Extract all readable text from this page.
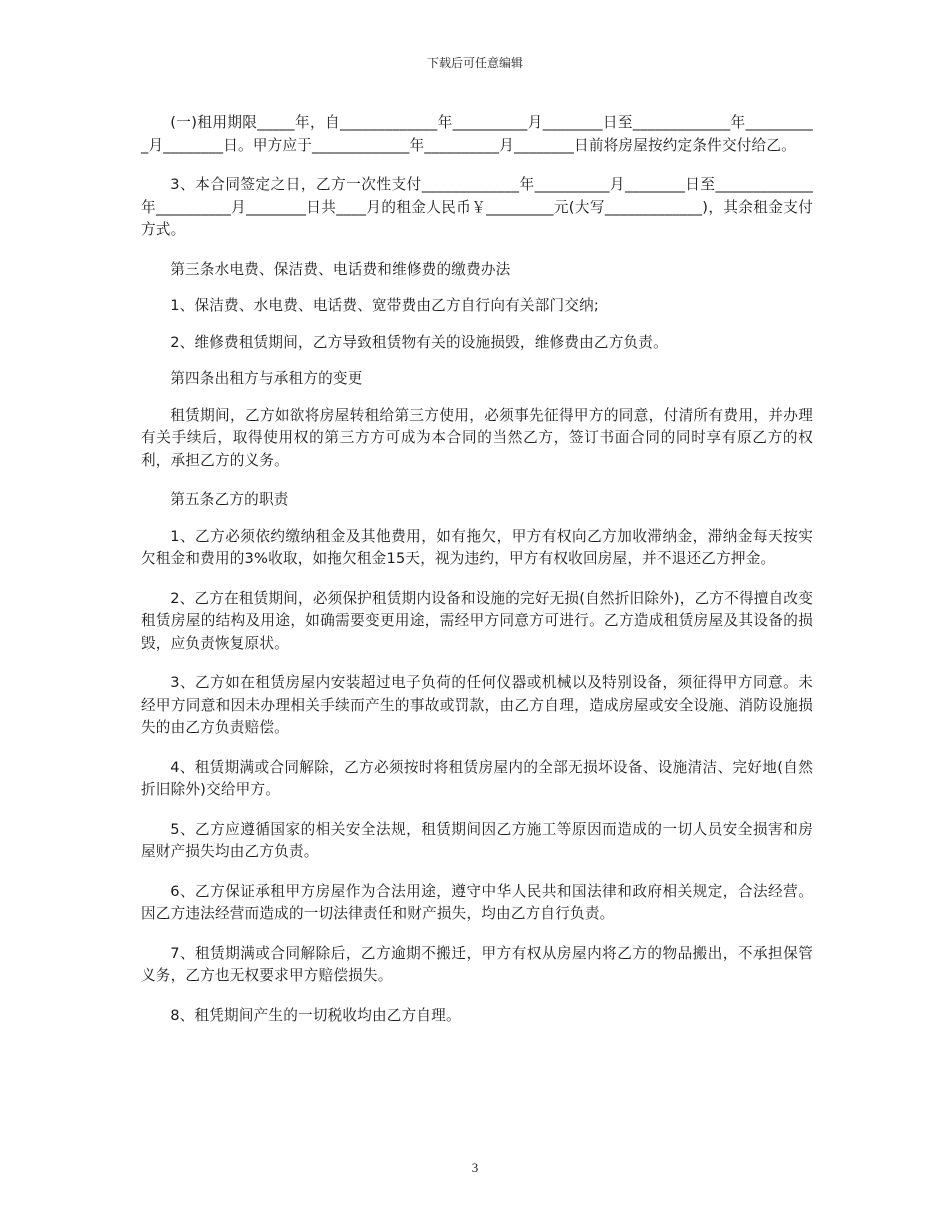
下载后可任意编辑

(一)租用期限_____年，自_____________年__________月________日至_____________年__________月________日。甲方应于_____________年__________月________日前将房屋按约定条件交付给乙。

3、本合同签定之日，乙方一次性支付_____________年__________月________日至_____________年__________月________日共____月的租金人民币￥_________元(大写_____________)，其余租金支付方式。

第三条水电费、保洁费、电话费和维修费的缴费办法

1、保洁费、水电费、电话费、宽带费由乙方自行向有关部门交纳;

2、维修费租赁期间，乙方导致租赁物有关的设施损毁，维修费由乙方负责。

第四条出租方与承租方的变更

租赁期间，乙方如欲将房屋转租给第三方使用，必须事先征得甲方的同意，付清所有费用，并办理有关手续后，取得使用权的第三方方可成为本合同的当然乙方，签订书面合同的同时享有原乙方的权利，承担乙方的义务。

第五条乙方的职责

1、乙方必须依约缴纳租金及其他费用，如有拖欠，甲方有权向乙方加收滞纳金，滞纳金每天按实欠租金和费用的3%收取，如拖欠租金15天，视为违约，甲方有权收回房屋，并不退还乙方押金。

2、乙方在租赁期间，必须保护租赁期内设备和设施的完好无损(自然折旧除外)，乙方不得擅自改变租赁房屋的结构及用途，如确需要变更用途，需经甲方同意方可进行。乙方造成租赁房屋及其设备的损毁，应负责恢复原状。

3、乙方如在租赁房屋内安装超过电子负荷的任何仪器或机械以及特别设备，须征得甲方同意。未经甲方同意和因未办理相关手续而产生的事故或罚款，由乙方自理，造成房屋或安全设施、消防设施损失的由乙方负责赔偿。

4、租赁期满或合同解除，乙方必须按时将租赁房屋内的全部无损坏设备、设施清洁、完好地(自然折旧除外)交给甲方。

5、乙方应遵循国家的相关安全法规，租赁期间因乙方施工等原因而造成的一切人员安全损害和房屋财产损失均由乙方负责。

6、乙方保证承租甲方房屋作为合法用途，遵守中华人民共和国法律和政府相关规定，合法经营。因乙方违法经营而造成的一切法律责任和财产损失，均由乙方自行负责。

7、租赁期满或合同解除后，乙方逾期不搬迁，甲方有权从房屋内将乙方的物品搬出，不承担保管义务，乙方也无权要求甲方赔偿损失。

8、租凭期间产生的一切税收均由乙方自理。

3
